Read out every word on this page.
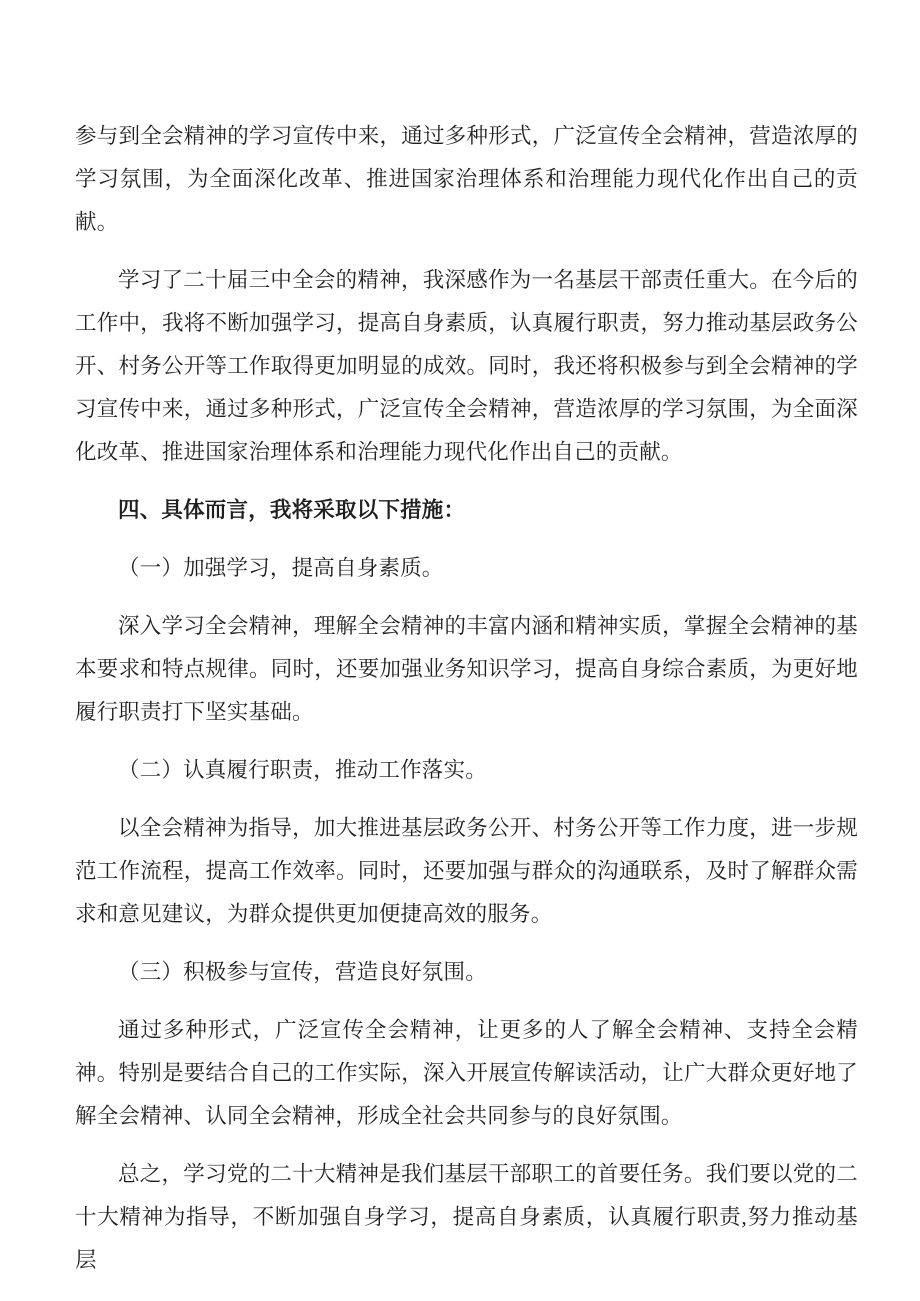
参与到全会精神的学习宣传中来，通过多种形式，广泛宣传全会精神，营造浓厚的学习氛围，为全面深化改革、推进国家治理体系和治理能力现代化作出自己的贡献。

学习了二十届三中全会的精神，我深感作为一名基层干部责任重大。在今后的工作中，我将不断加强学习，提高自身素质，认真履行职责，努力推动基层政务公开、村务公开等工作取得更加明显的成效。同时，我还将积极参与到全会精神的学习宣传中来，通过多种形式，广泛宣传全会精神，营造浓厚的学习氛围，为全面深化改革、推进国家治理体系和治理能力现代化作出自己的贡献。

四、具体而言，我将采取以下措施：

（一）加强学习，提高自身素质。

深入学习全会精神，理解全会精神的丰富内涵和精神实质，掌握全会精神的基本要求和特点规律。同时，还要加强业务知识学习，提高自身综合素质，为更好地履行职责打下坚实基础。

（二）认真履行职责，推动工作落实。

以全会精神为指导，加大推进基层政务公开、村务公开等工作力度，进一步规范工作流程，提高工作效率。同时，还要加强与群众的沟通联系，及时了解群众需求和意见建议，为群众提供更加便捷高效的服务。

（三）积极参与宣传，营造良好氛围。

通过多种形式，广泛宣传全会精神，让更多的人了解全会精神、支持全会精神。特别是要结合自己的工作实际，深入开展宣传解读活动，让广大群众更好地了解全会精神、认同全会精神，形成全社会共同参与的良好氛围。

总之，学习党的二十大精神是我们基层干部职工的首要任务。我们要以党的二十大精神为指导，不断加强自身学习，提高自身素质，认真履行职责,努力推动基层
